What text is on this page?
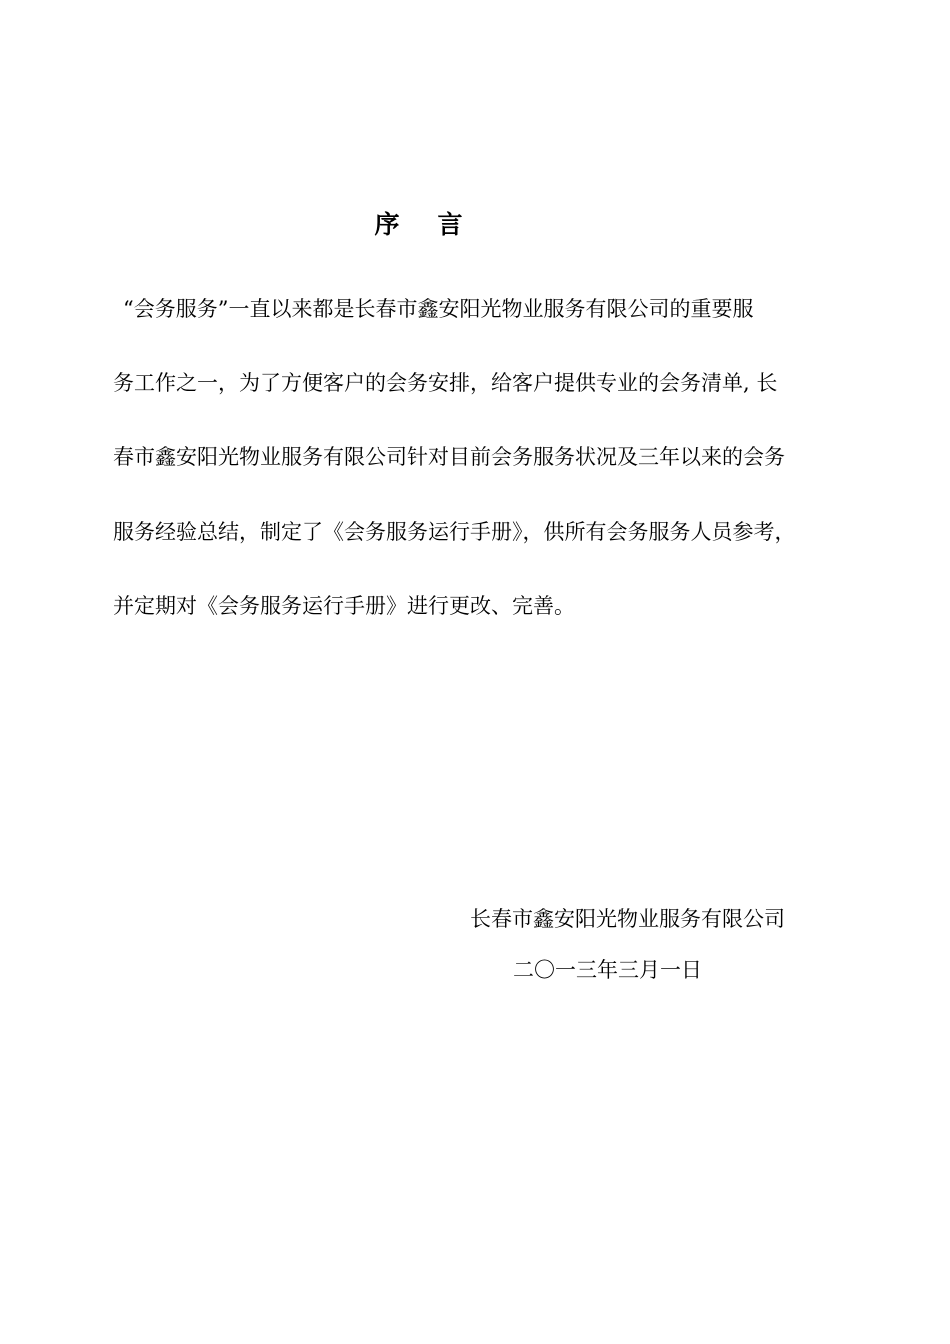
序言
“会务服务”一直以来都是长春市鑫安阳光物业服务有限公司的重要服
务工作之一，为了方便客户的会务安排，给客户提供专业的会务清单, 长
春市鑫安阳光物业服务有限公司针对目前会务服务状况及三年以来的会务
服务经验总结，制定了《会务服务运行手册》，供所有会务服务人员参考，
并定期对《会务服务运行手册》进行更改、完善。
长春市鑫安阳光物业服务有限公司
二〇一三年三月一日
